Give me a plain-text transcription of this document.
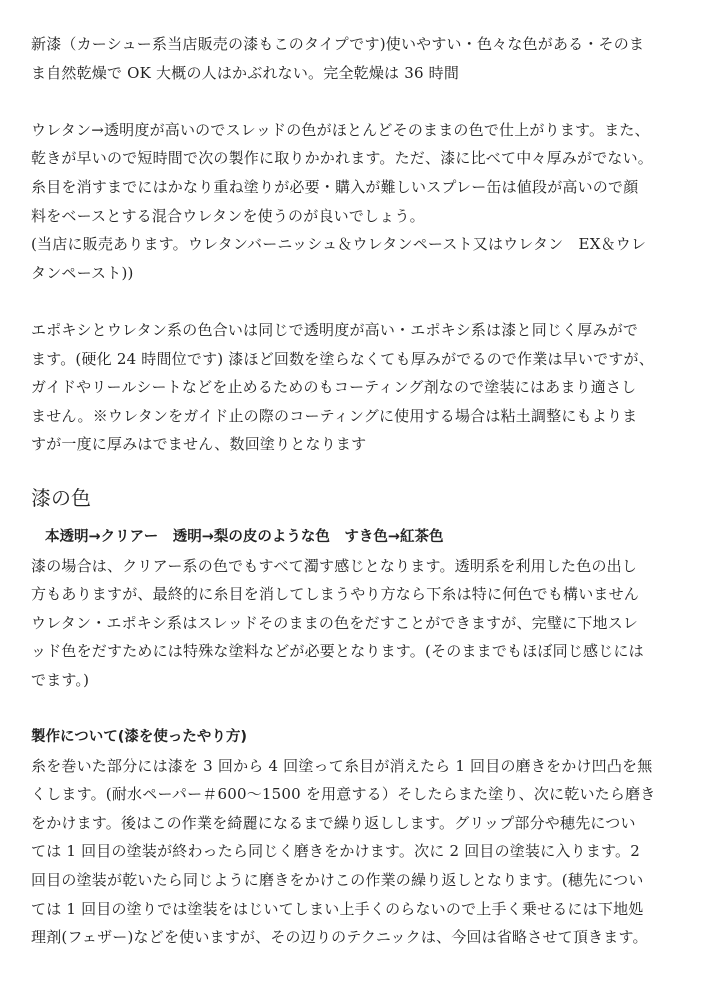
新漆（カーシュー系当店販売の漆もこのタイプです)使いやすい・色々な色がある・そのま
ま自然乾燥で OK 大概の人はかぶれない。完全乾燥は 36 時間
ウレタン→透明度が高いのでスレッドの色がほとんどそのままの色で仕上がります。また、
乾きが早いので短時間で次の製作に取りかかれます。ただ、漆に比べて中々厚みがでない。
糸目を消すまでにはかなり重ね塗りが必要・購入が難しいスプレー缶は値段が高いので顔
料をベースとする混合ウレタンを使うのが良いでしょう。
(当店に販売あります。ウレタンバーニッシュ＆ウレタンペースト又はウレタン　EX＆ウレ
タンペースト))
エポキシとウレタン系の色合いは同じで透明度が高い・エポキシ系は漆と同じく厚みがで
ます。(硬化 24 時間位です) 漆ほど回数を塗らなくても厚みがでるので作業は早いですが、
ガイドやリールシートなどを止めるためのもコーティング剤なので塗装にはあまり適さし
ません。※ウレタンをガイド止の際のコーティングに使用する場合は粘土調整にもよりま
すが一度に厚みはでません、数回塗りとなります
漆の色
本透明→クリアー　透明→梨の皮のような色　すき色→紅茶色
漆の場合は、クリアー系の色でもすべて濁す感じとなります。透明系を利用した色の出し
方もありますが、最終的に糸目を消してしまうやり方なら下糸は特に何色でも構いません
ウレタン・エポキシ系はスレッドそのままの色をだすことができますが、完璧に下地スレ
ッド色をだすためには特殊な塗料などが必要となります。(そのままでもほぼ同じ感じには
でます。)
製作について(漆を使ったやり方)
糸を巻いた部分には漆を 3 回から 4 回塗って糸目が消えたら 1 回目の磨きをかけ凹凸を無
くします。(耐水ペーパー＃600〜1500 を用意する）そしたらまた塗り、次に乾いたら磨き
をかけます。後はこの作業を綺麗になるまで繰り返しします。グリップ部分や穂先につい
ては 1 回目の塗装が終わったら同じく磨きをかけます。次に 2 回目の塗装に入ります。2
回目の塗装が乾いたら同じように磨きをかけこの作業の繰り返しとなります。(穂先につい
ては 1 回目の塗りでは塗装をはじいてしまい上手くのらないので上手く乗せるには下地処
理剤(フェザー)などを使いますが、その辺りのテクニックは、今回は省略させて頂きます。
